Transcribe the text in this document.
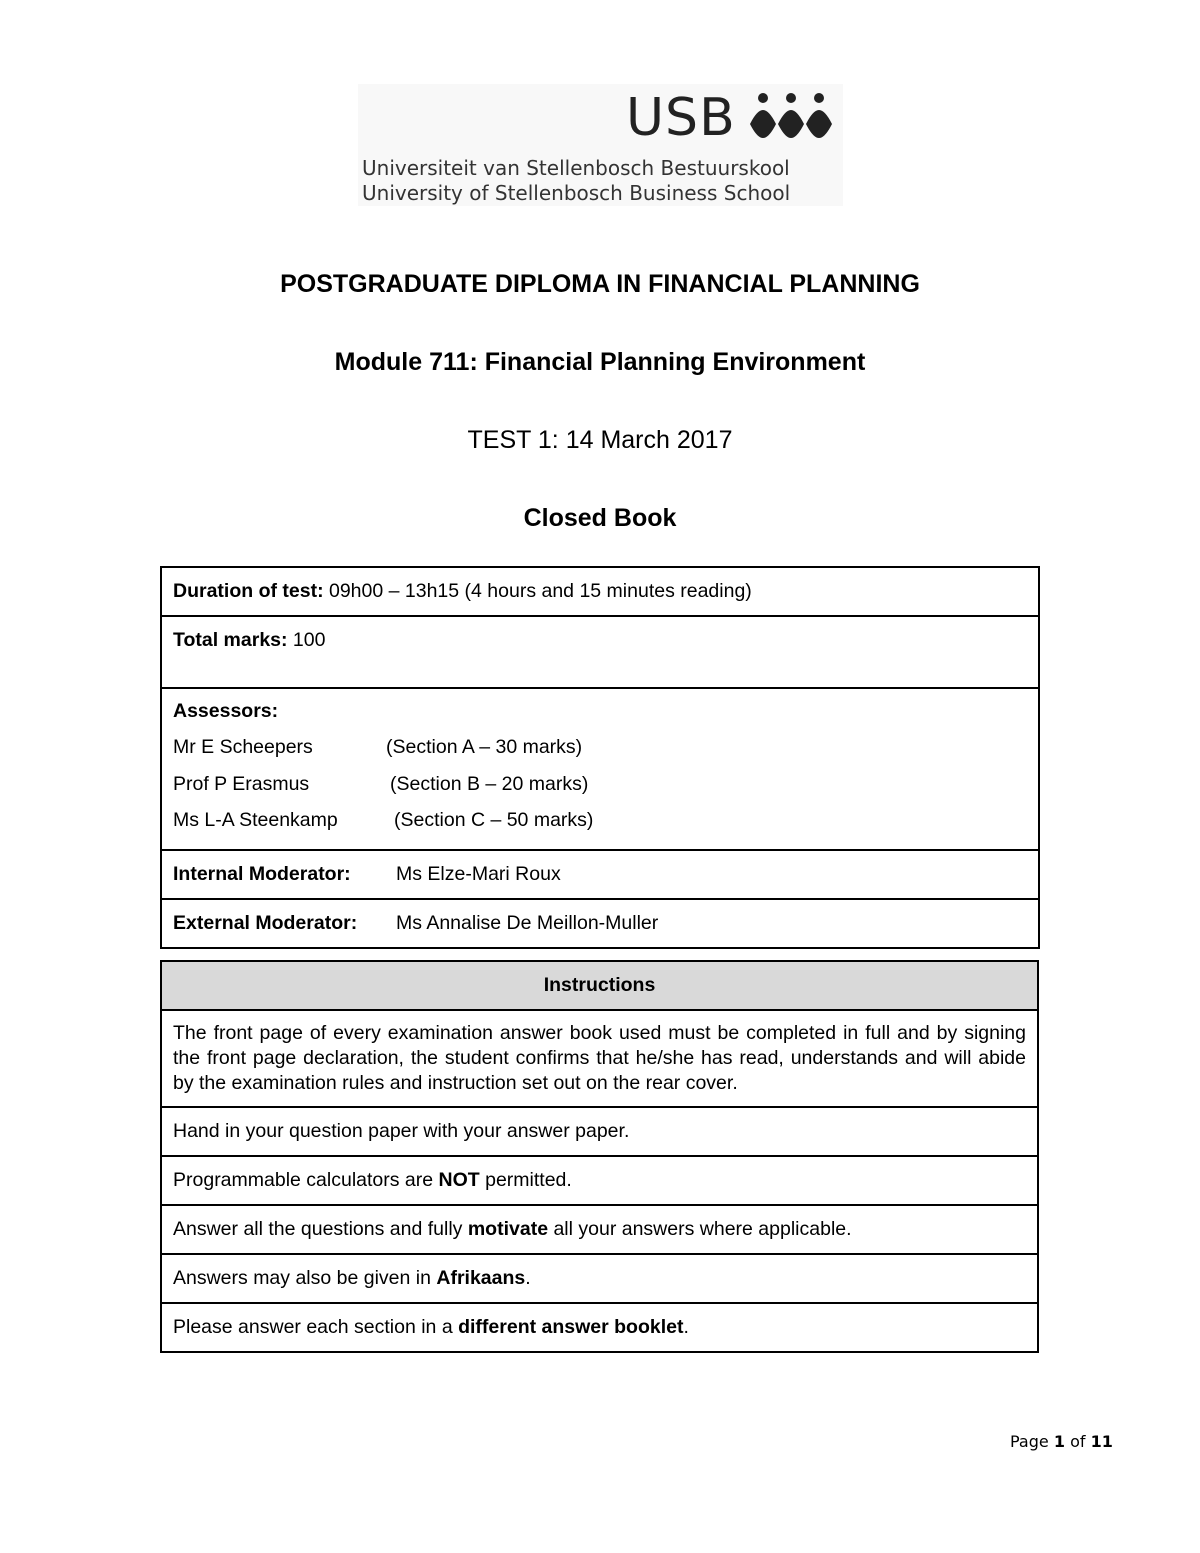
USB
Universiteit van Stellenbosch Bestuurskool
University of Stellenbosch Business School
POSTGRADUATE DIPLOMA IN FINANCIAL PLANNING
Module 711: Financial Planning Environment
TEST 1: 14 March 2017
Closed Book
Duration of test: 09h00 – 13h15 (4 hours and 15 minutes reading)
Total marks: 100

Assessors:
Mr E Scheepers	(Section A – 30 marks)
Prof P Erasmus	(Section B – 20 marks)
Ms L-A Steenkamp	(Section C – 50 marks)

Internal Moderator: Ms Elze-Mari Roux
External Moderator: Ms Annalise De Meillon-Muller
Instructions
The front page of every examination answer book used must be completed in full and by signing the front page declaration, the student confirms that he/she has read, understands and will abide by the examination rules and instruction set out on the rear cover.
Hand in your question paper with your answer paper.
Programmable calculators are NOT permitted.
Answer all the questions and fully motivate all your answers where applicable.
Answers may also be given in Afrikaans.
Please answer each section in a different answer booklet.
Page 1 of 11
